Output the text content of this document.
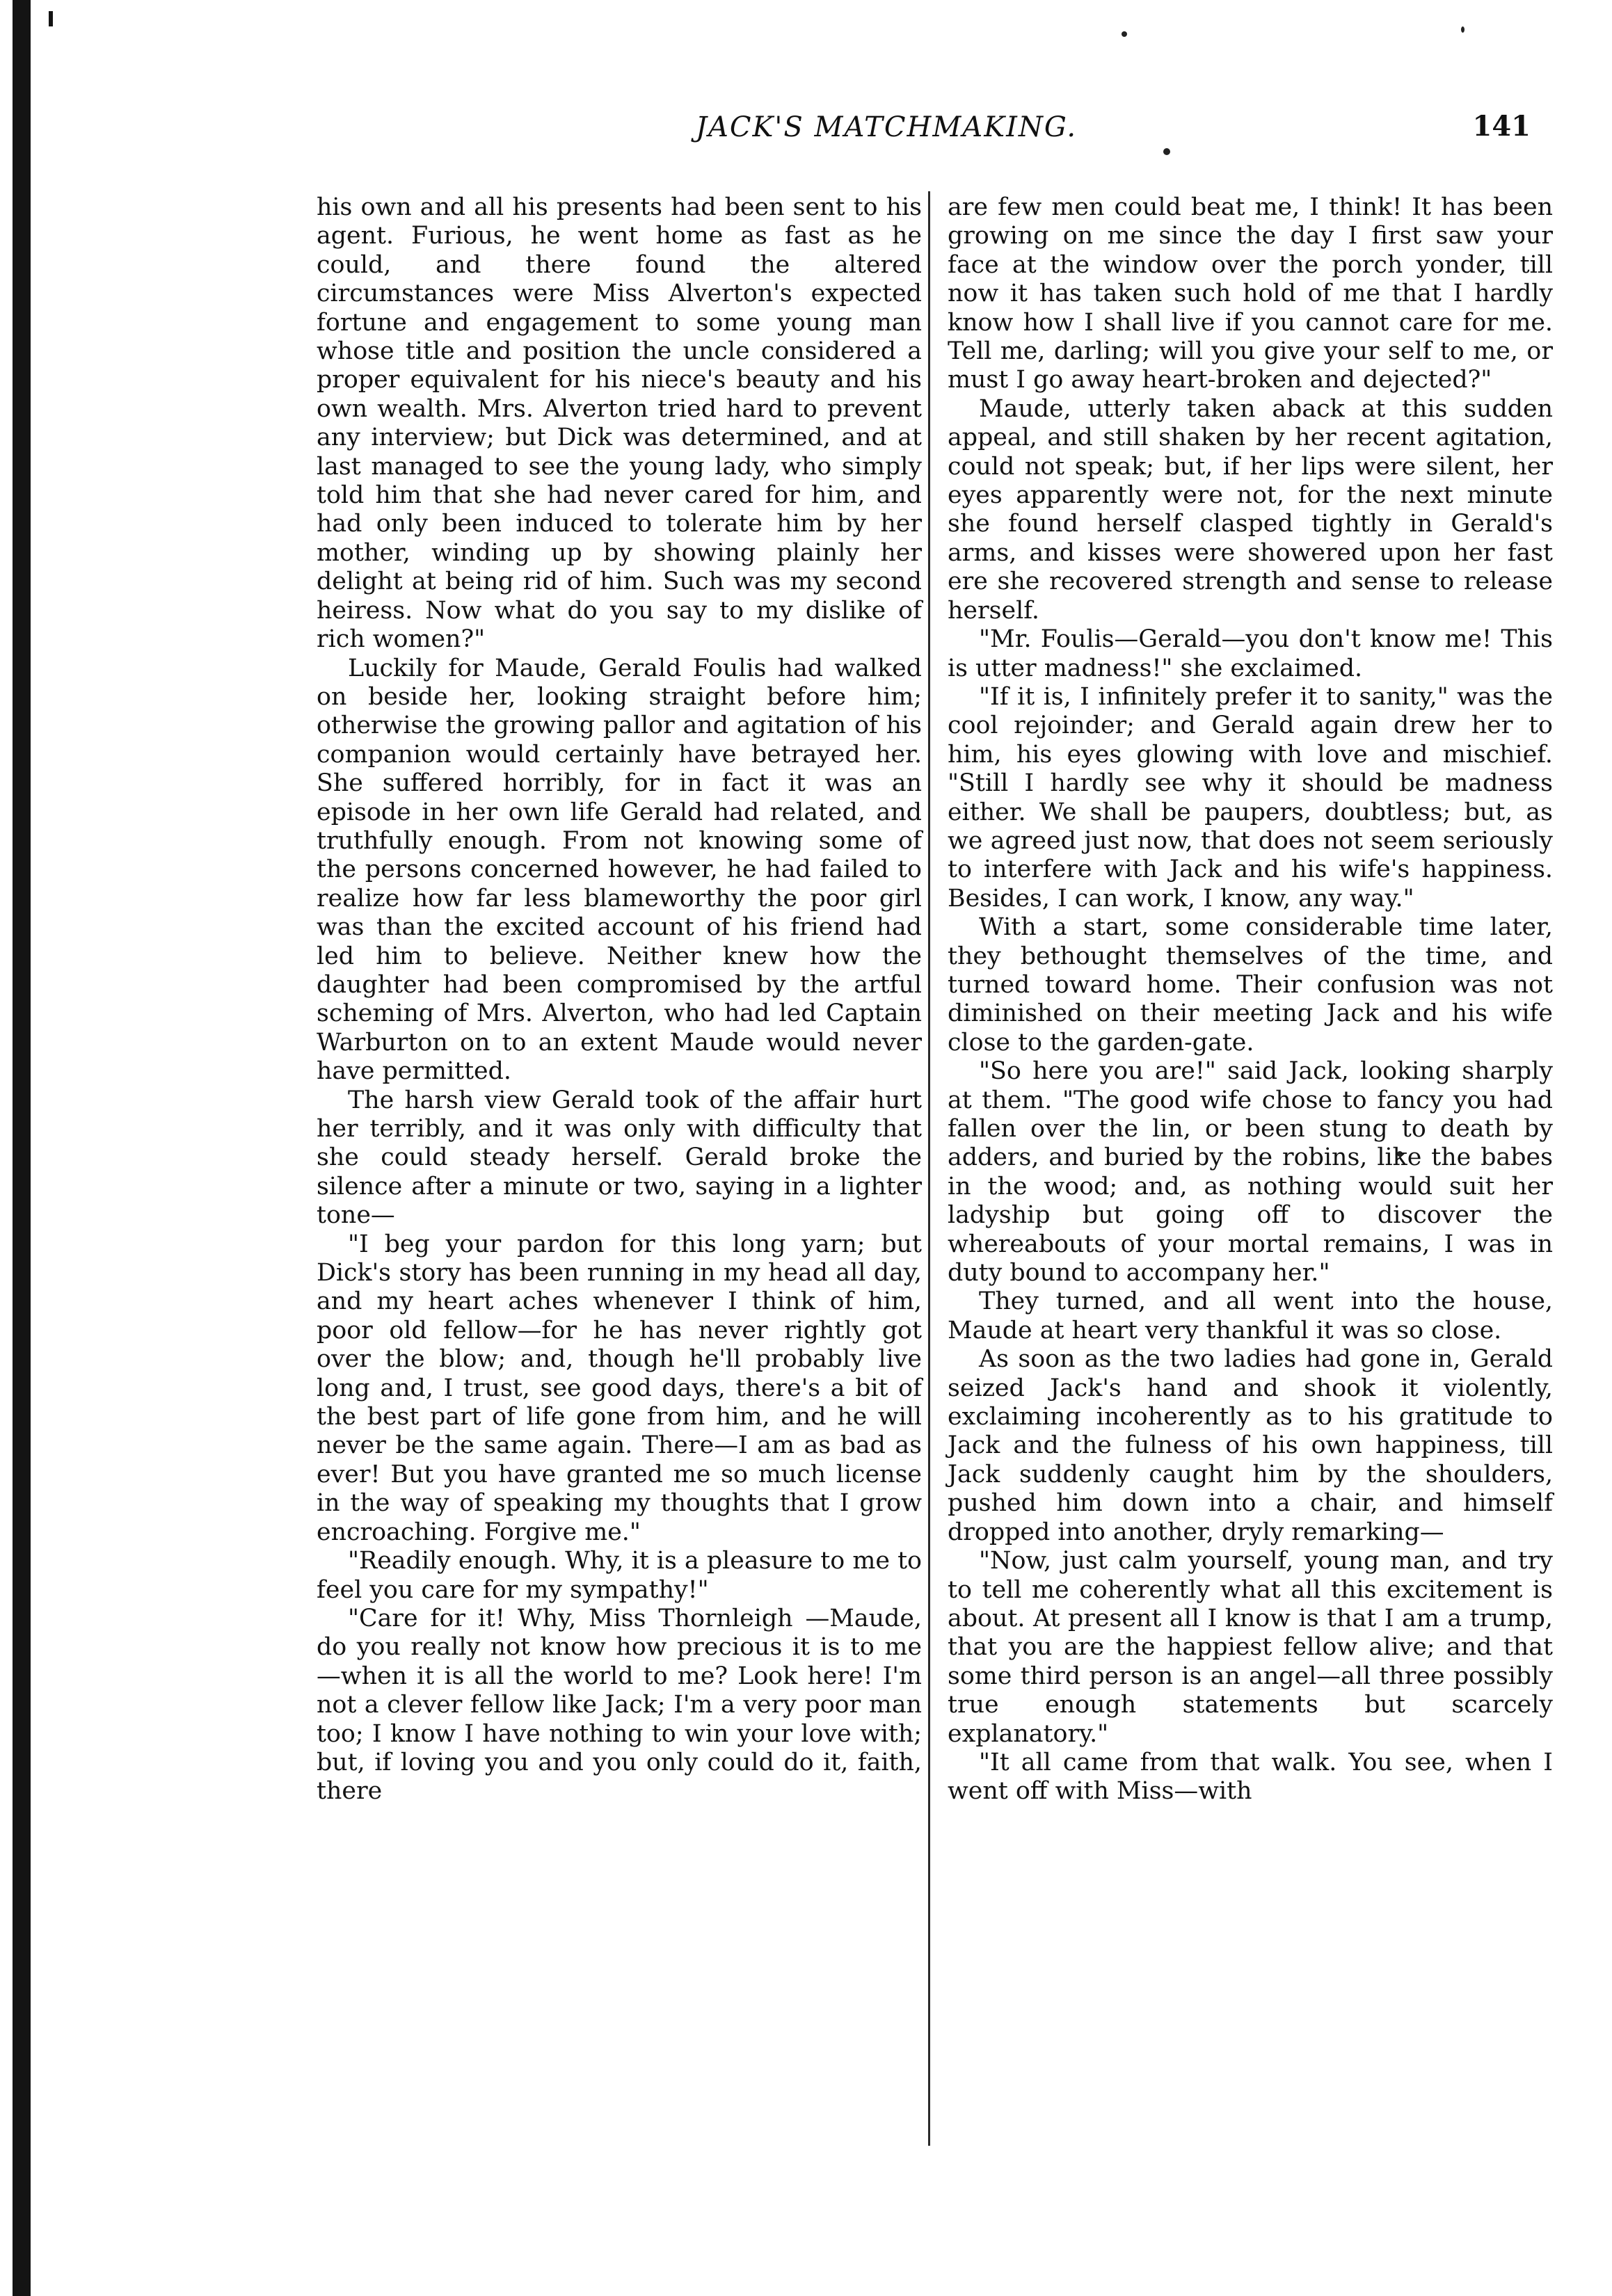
JACK'S MATCHMAKING.	141

his own and all his presents had been sent to his agent. Furious, he went home as fast as he could, and there found the altered circumstances were Miss Alverton's expected fortune and engagement to some young man whose title and position the uncle considered a proper equivalent for his niece's beauty and his own wealth. Mrs. Alverton tried hard to prevent any interview; but Dick was determined, and at last managed to see the young lady, who simply told him that she had never cared for him, and had only been induced to tolerate him by her mother, winding up by showing plainly her delight at being rid of him. Such was my second heiress. Now what do you say to my dislike of rich women?"

Luckily for Maude, Gerald Foulis had walked on beside her, looking straight before him; otherwise the growing pallor and agitation of his companion would certainly have betrayed her. She suffered horribly, for in fact it was an episode in her own life Gerald had related, and truthfully enough. From not knowing some of the persons concerned however, he had failed to realize how far less blameworthy the poor girl was than the excited account of his friend had led him to believe. Neither knew how the daughter had been compromised by the artful scheming of Mrs. Alverton, who had led Captain Warburton on to an extent Maude would never have permitted.

The harsh view Gerald took of the affair hurt her terribly, and it was only with difficulty that she could steady herself. Gerald broke the silence after a minute or two, saying in a lighter tone—

"I beg your pardon for this long yarn; but Dick's story has been running in my head all day, and my heart aches whenever I think of him, poor old fellow—for he has never rightly got over the blow; and, though he'll probably live long and, I trust, see good days, there's a bit of the best part of life gone from him, and he will never be the same again. There—I am as bad as ever! But you have granted me so much license in the way of speaking my thoughts that I grow encroaching. Forgive me."

"Readily enough. Why, it is a pleasure to me to feel you care for my sympathy!"

"Care for it! Why, Miss Thornleigh —Maude, do you really not know how precious it is to me—when it is all the world to me? Look here! I'm not a clever fellow like Jack; I'm a very poor man too; I know I have nothing to win your love with; but, if loving you and you only could do it, faith, there

are few men could beat me, I think! It has been growing on me since the day I first saw your face at the window over the porch yonder, till now it has taken such hold of me that I hardly know how I shall live if you cannot care for me. Tell me, darling; will you give your self to me, or must I go away heart-broken and dejected?"

Maude, utterly taken aback at this sudden appeal, and still shaken by her recent agitation, could not speak; but, if her lips were silent, her eyes apparently were not, for the next minute she found herself clasped tightly in Gerald's arms, and kisses were showered upon her fast ere she recovered strength and sense to release herself.

"Mr. Foulis—Gerald—you don't know me! This is utter madness!" she exclaimed.

"If it is, I infinitely prefer it to sanity," was the cool rejoinder; and Gerald again drew her to him, his eyes glowing with love and mischief. "Still I hardly see why it should be madness either. We shall be paupers, doubtless; but, as we agreed just now, that does not seem seriously to interfere with Jack and his wife's happiness. Besides, I can work, I know, any way."

With a start, some considerable time later, they bethought themselves of the time, and turned toward home. Their confusion was not diminished on their meeting Jack and his wife close to the garden-gate.

"So here you are!" said Jack, looking sharply at them. "The good wife chose to fancy you had fallen over the lin, or been stung to death by adders, and buried by the robins, like the babes in the wood; and, as nothing would suit her ladyship but going off to discover the whereabouts of your mortal remains, I was in duty bound to accompany her."

They turned, and all went into the house, Maude at heart very thankful it was so close.

As soon as the two ladies had gone in, Gerald seized Jack's hand and shook it violently, exclaiming incoherently as to his gratitude to Jack and the fulness of his own happiness, till Jack suddenly caught him by the shoulders, pushed him down into a chair, and himself dropped into another, dryly remarking—

"Now, just calm yourself, young man, and try to tell me coherently what all this excitement is about. At present all I know is that I am a trump, that you are the happiest fellow alive; and that some third person is an angel—all three possibly true enough statements but scarcely explanatory."

"It all came from that walk. You see, when I went off with Miss—with
